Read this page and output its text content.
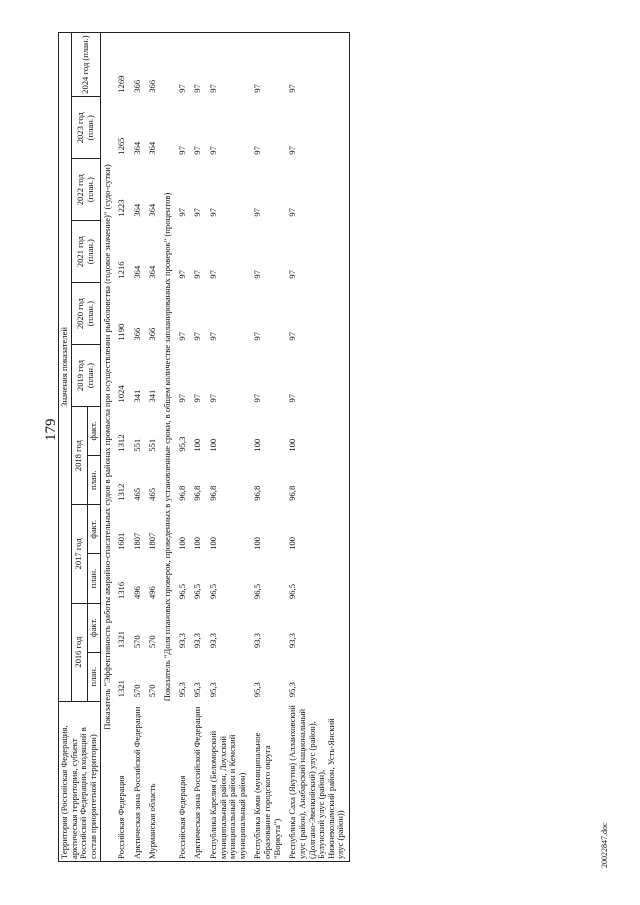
179
20022847.doc
Территория (Российская Федерация, арктическая территория, субъект Российской Федерации, входящий в состав приоритетной территории)	Значения показателей											
	2016 год		2017 год		2018 год		2019 год (план.)	2020 год (план.)	2021 год (план.)	2022 год (план.)	2023 год (план.)	2024 год (план.)
	план.	факт.	план.	факт.	план.	факт.						
Показатель "Эффективность работы аварийно-спасательных судов в районах промысла при осуществлении рыболовства (годовое значение)" (судо-сутки)												
Российская Федерация	1321	1321	1316	1601	1312	1312	1024	1190	1216	1223	1265	1269
Арктическая зона Российской Федерации	570	570	496	1807	465	551	341	366	364	364	364	366
Мурманская область	570	570	496	1807	465	551	341	366	364	364	364	366
Показатель "Доля плановых проверок, проведенных в установленные сроки, в общем количестве запланированных проверок" (процентов)												
Российская Федерация	95,3	93,3	96,5	100	96,8	95,3	97	97	97	97	97	97
Арктическая зона Российской Федерации	95,3	93,3	96,5	100	96,8	100	97	97	97	97	97	97
Республика Карелия (Беломорский муниципальный район, Лоухский муниципальный район и Кемский муниципальный район)	95,3	93,3	96,5	100	96,8	100	97	97	97	97	97	97
Республика Коми (муниципальное образование городского округа "Воркута")	95,3	93,3	96,5	100	96,8	100	97	97	97	97	97	97
Республика Саха (Якутия) (Аллаиховский улус (район), Анабарский национальный (Долгано-Эвенкийский) улус (район), Булунский улус (район), Нижнеколымский район, Усть-Янский улус (район))	95,3	93,3	96,5	100	96,8	100	97	97	97	97	97	97
